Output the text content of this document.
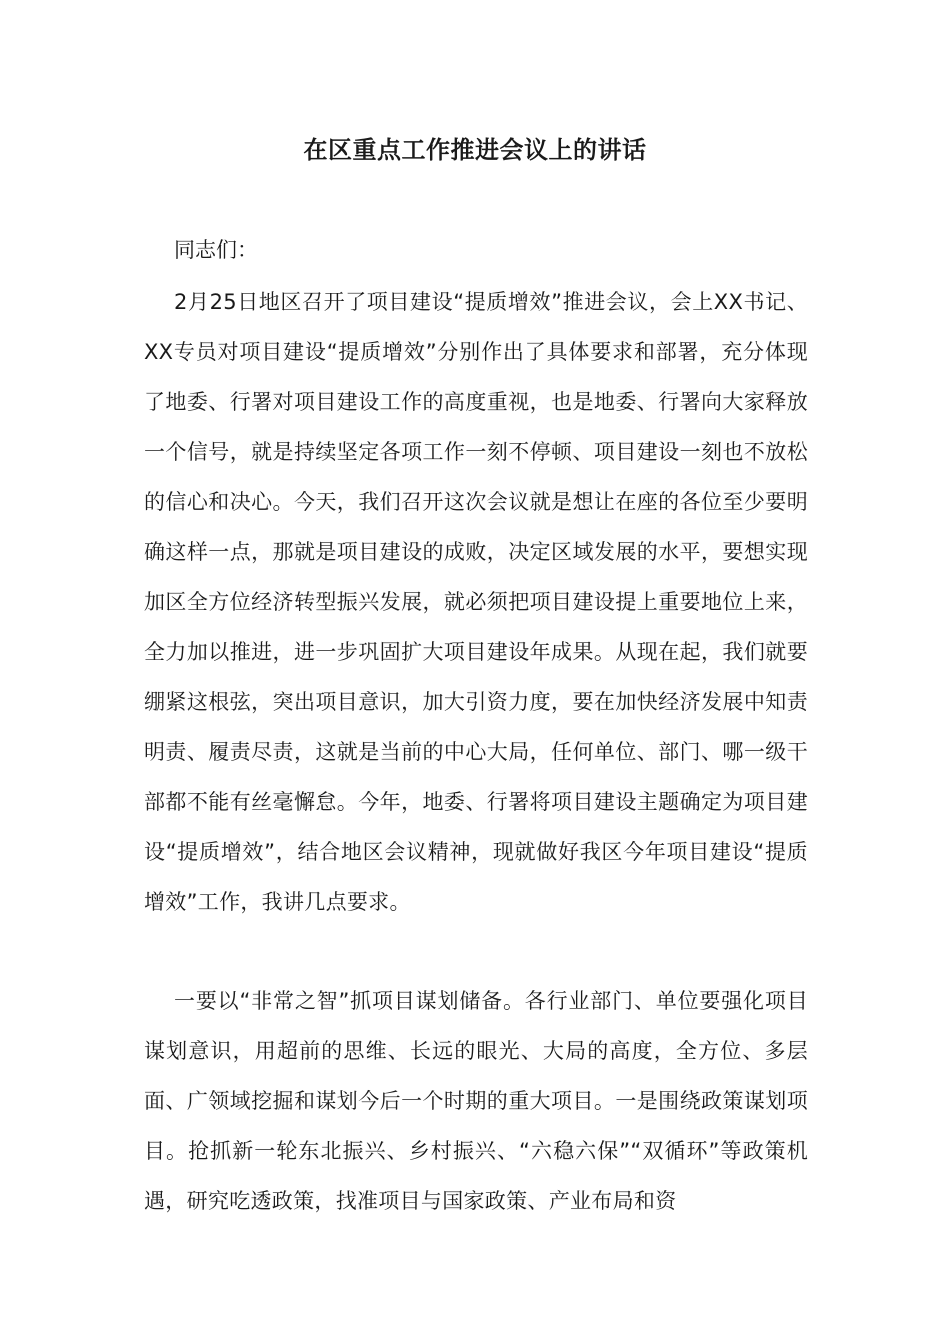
在区重点工作推进会议上的讲话

同志们：

2月25日地区召开了项目建设“提质增效”推进会议，会上XX书记、XX专员对项目建设“提质增效”分别作出了具体要求和部署，充分体现了地委、行署对项目建设工作的高度重视，也是地委、行署向大家释放一个信号，就是持续坚定各项工作一刻不停顿、项目建设一刻也不放松的信心和决心。今天，我们召开这次会议就是想让在座的各位至少要明确这样一点，那就是项目建设的成败，决定区域发展的水平，要想实现加区全方位经济转型振兴发展，就必须把项目建设提上重要地位上来，全力加以推进，进一步巩固扩大项目建设年成果。从现在起，我们就要绷紧这根弦，突出项目意识，加大引资力度，要在加快经济发展中知责明责、履责尽责，这就是当前的中心大局，任何单位、部门、哪一级干部都不能有丝毫懈怠。今年，地委、行署将项目建设主题确定为项目建设“提质增效”，结合地区会议精神，现就做好我区今年项目建设“提质增效”工作，我讲几点要求。

一要以“非常之智”抓项目谋划储备。各行业部门、单位要强化项目谋划意识，用超前的思维、长远的眼光、大局的高度，全方位、多层面、广领域挖掘和谋划今后一个时期的重大项目。一是围绕政策谋划项目。抢抓新一轮东北振兴、乡村振兴、“六稳六保”“双循环”等政策机遇，研究吃透政策，找准项目与国家政策、产业布局和资
